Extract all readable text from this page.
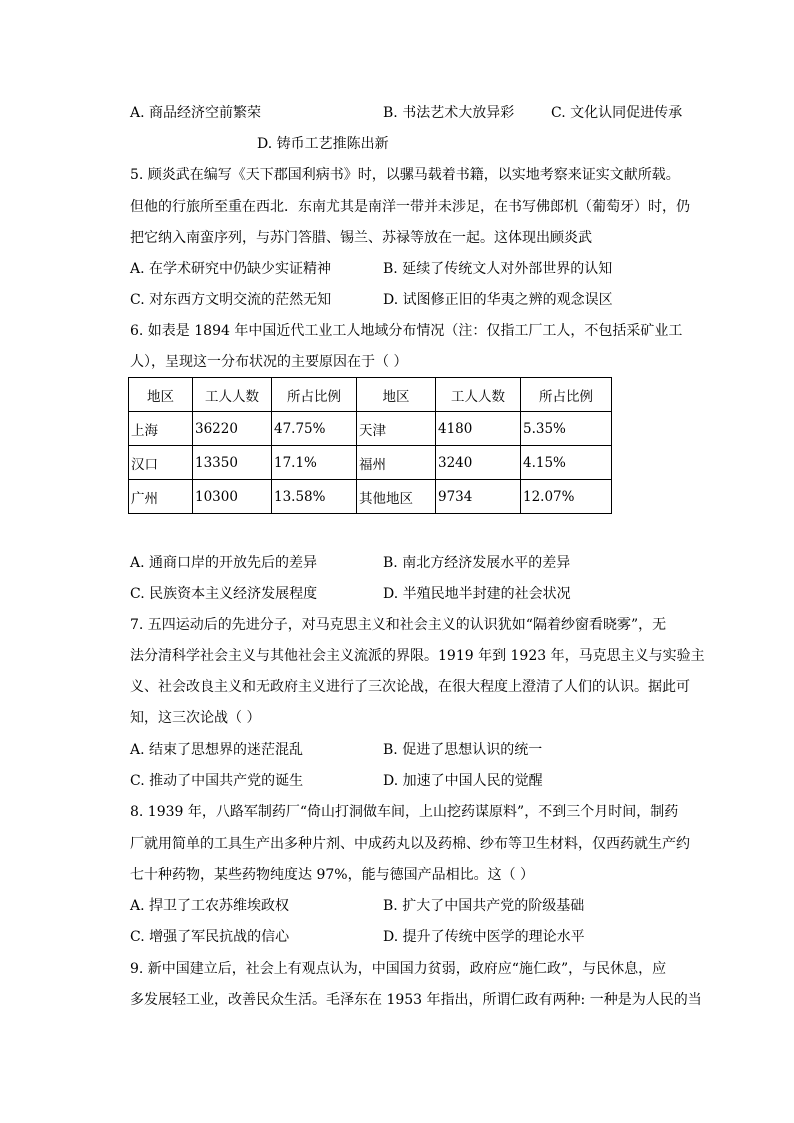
A. 商品经济空前繁荣	B. 书法艺术大放异彩	C. 文化认同促进传承
D. 铸币工艺推陈出新
5. 顾炎武在编写《天下郡国利病书》时，以骡马载着书籍，以实地考察来证实文献所载。
但他的行旅所至重在西北．东南尤其是南洋一带并未涉足，在书写佛郎机（葡萄牙）时，仍
把它纳入南蛮序列，与苏门答腊、锡兰、苏禄等放在一起。这体现出顾炎武
A. 在学术研究中仍缺少实证精神	B. 延续了传统文人对外部世界的认知
C. 对东西方文明交流的茫然无知	D. 试图修正旧的华夷之辨的观念误区
6. 如表是 1894 年中国近代工业工人地域分布情况（注：仅指工厂工人，不包括采矿业工
人），呈现这一分布状况的主要原因在于（ ）
地区	工人人数	所占比例	地区	工人人数	所占比例
上海	36220	47.75%	天津	4180	5.35%
汉口	13350	17.1%	福州	3240	4.15%
广州	10300	13.58%	其他地区	9734	12.07%
A. 通商口岸的开放先后的差异	B. 南北方经济发展水平的差异
C. 民族资本主义经济发展程度	D. 半殖民地半封建的社会状况
7. 五四运动后的先进分子，对马克思主义和社会主义的认识犹如“隔着纱窗看晓雾”，无
法分清科学社会主义与其他社会主义流派的界限。1919 年到 1923 年，马克思主义与实验主
义、社会改良主义和无政府主义进行了三次论战，在很大程度上澄清了人们的认识。据此可
知，这三次论战（ ）
A. 结束了思想界的迷茫混乱	B. 促进了思想认识的统一
C. 推动了中国共产党的诞生	D. 加速了中国人民的觉醒
8. 1939 年，八路军制药厂“倚山打洞做车间，上山挖药谋原料”，不到三个月时间，制药
厂就用简单的工具生产出多种片剂、中成药丸以及药棉、纱布等卫生材料，仅西药就生产约
七十种药物，某些药物纯度达 97%，能与德国产品相比。这（ ）
A. 捍卫了工农苏维埃政权	B. 扩大了中国共产党的阶级基础
C. 增强了军民抗战的信心	D. 提升了传统中医学的理论水平
9. 新中国建立后，社会上有观点认为，中国国力贫弱，政府应“施仁政”，与民休息，应
多发展轻工业，改善民众生活。毛泽东在 1953 年指出，所谓仁政有两种: 一种是为人民的当
